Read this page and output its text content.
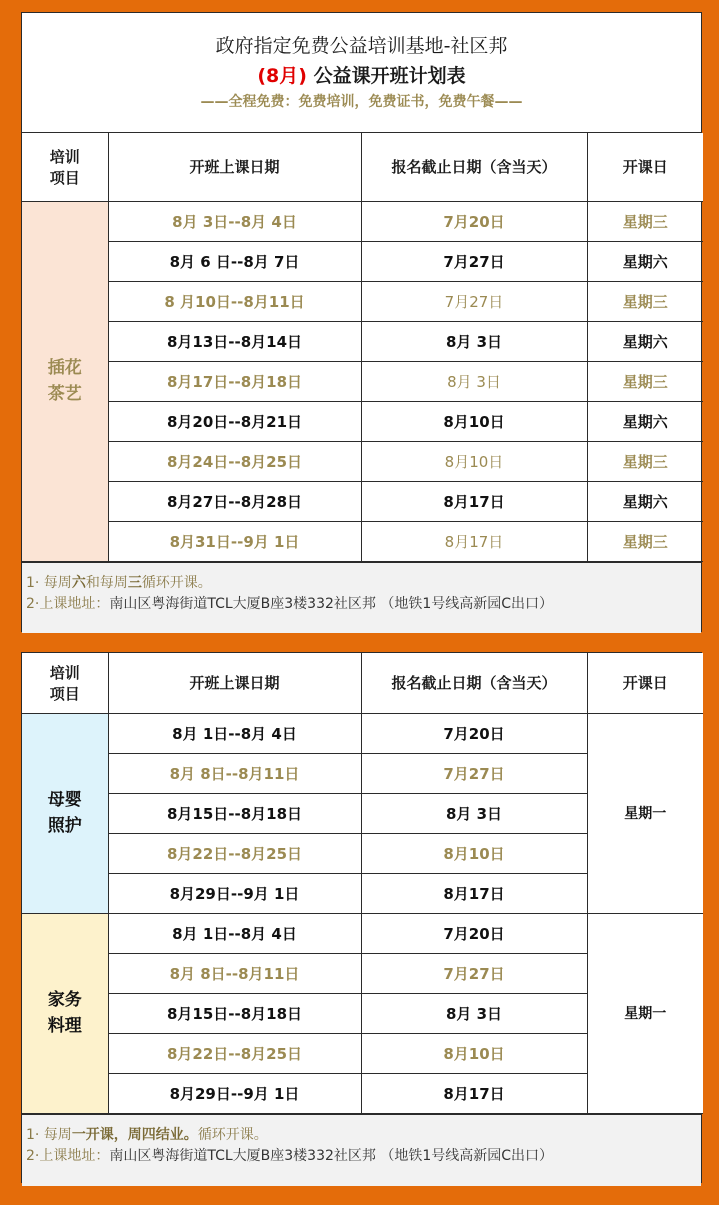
政府指定免费公益培训基地-社区邦
(8月) 公益课开班计划表
——全程免费：免费培训，免费证书，免费午餐——
培训
项目	开班上课日期	报名截止日期（含当天）	开课日
插花
茶艺	8月 3日--8月 4日	7月20日	星期三
	8月 6 日--8月 7日	7月27日	星期六
	8 月10日--8月11日	7月27日	星期三
	8月13日--8月14日	8月 3日	星期六
	8月17日--8月18日	8月 3日	星期三
	8月20日--8月21日	8月10日	星期六
	8月24日--8月25日	8月10日	星期三
	8月27日--8月28日	8月17日	星期六
	8月31日--9月 1日	8月17日	星期三
1· 每周六和每周三循环开课。
2·上课地址：南山区粤海街道TCL大厦B座3楼332社区邦 （地铁1号线高新园C出口）
培训
项目	开班上课日期	报名截止日期（含当天）	开课日
母婴
照护	8月 1日--8月 4日	7月20日	星期一
	8月 8日--8月11日	7月27日	
	8月15日--8月18日	8月 3日	
	8月22日--8月25日	8月10日	
	8月29日--9月 1日	8月17日	
家务
料理	8月 1日--8月 4日	7月20日	星期一
	8月 8日--8月11日	7月27日	
	8月15日--8月18日	8月 3日	
	8月22日--8月25日	8月10日	
	8月29日--9月 1日	8月17日	
1· 每周一开课，周四结业。循环开课。
2·上课地址：南山区粤海街道TCL大厦B座3楼332社区邦 （地铁1号线高新园C出口）
